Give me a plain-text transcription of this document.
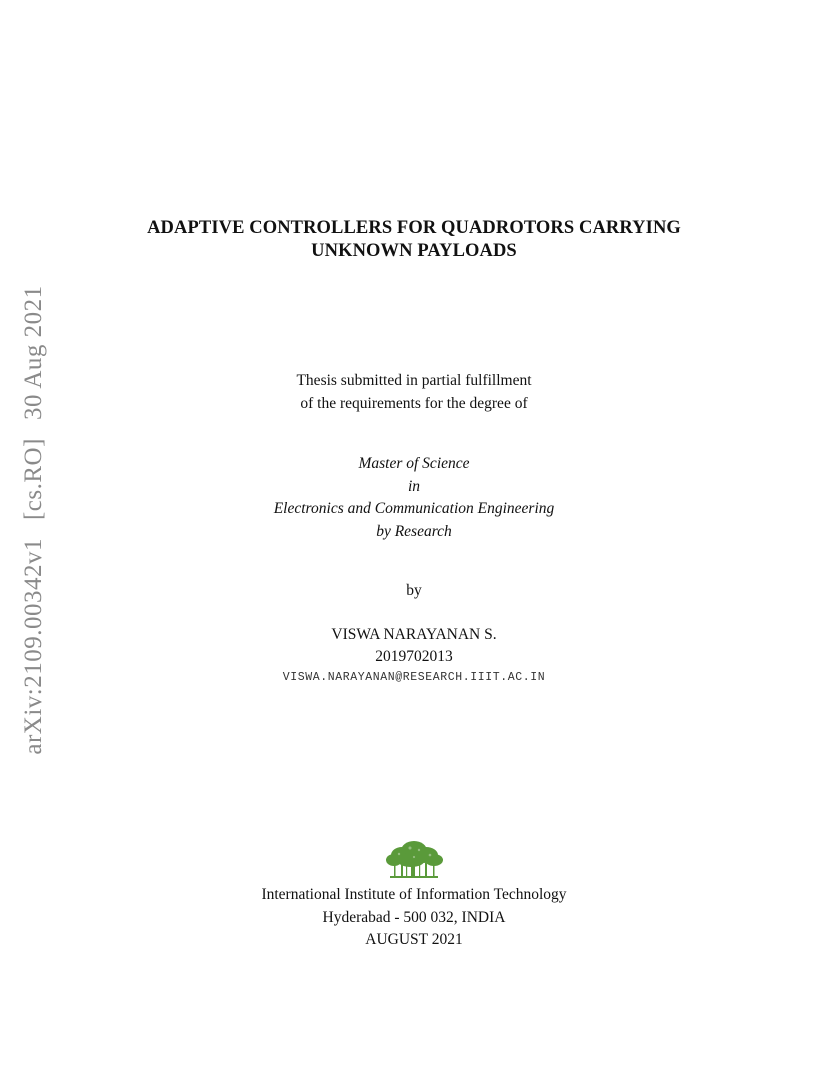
arXiv:2109.00342v1[cs.RO]30 Aug 2021
ADAPTIVE CONTROLLERS FOR QUADROTORS CARRYING
UNKNOWN PAYLOADS
Thesis submitted in partial fulfillment
of the requirements for the degree of
Master of Science
in
Electronics and Communication Engineering
by Research
by
VISWA NARAYANAN S.
2019702013
VISWA.NARAYANAN@RESEARCH.IIIT.AC.IN
International Institute of Information Technology
Hyderabad - 500 032, INDIA
AUGUST 2021
